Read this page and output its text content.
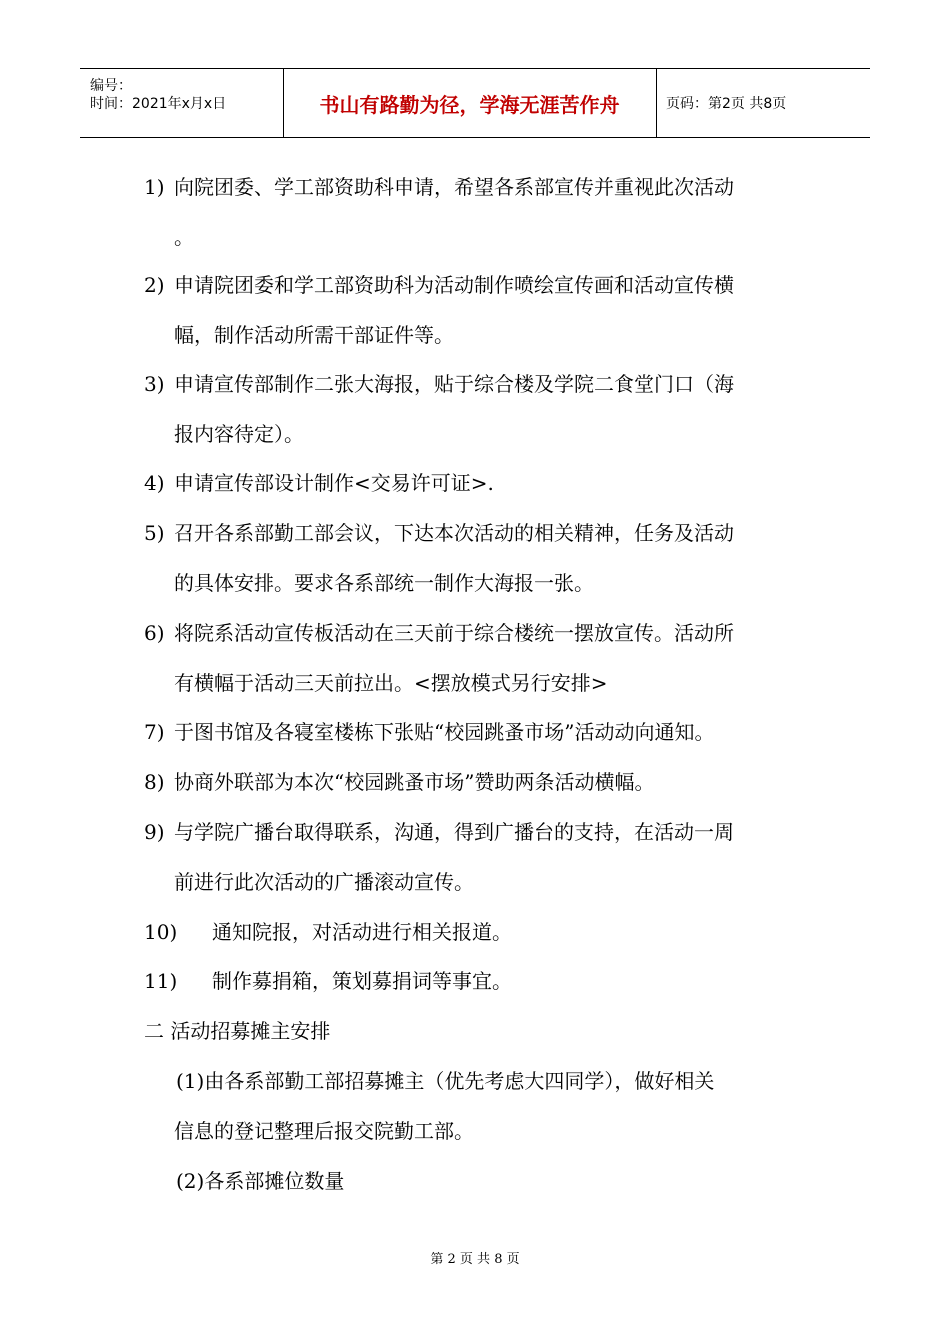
编号：
时间：2021年x月x日	书山有路勤为径，学海无涯苦作舟	页码：第2页 共8页
1) 向院团委、学工部资助科申请，希望各系部宣传并重视此次活动
。
2) 申请院团委和学工部资助科为活动制作喷绘宣传画和活动宣传横
幅，制作活动所需干部证件等。
3) 申请宣传部制作二张大海报，贴于综合楼及学院二食堂门口（海
报内容待定）。
4) 申请宣传部设计制作<交易许可证>.
5) 召开各系部勤工部会议，下达本次活动的相关精神，任务及活动
的具体安排。要求各系部统一制作大海报一张。
6) 将院系活动宣传板活动在三天前于综合楼统一摆放宣传。活动所
有横幅于活动三天前拉出。<摆放模式另行安排>
7) 于图书馆及各寝室楼栋下张贴“校园跳蚤市场”活动动向通知。
8) 协商外联部为本次“校园跳蚤市场”赞助两条活动横幅。
9) 与学院广播台取得联系，沟通，得到广播台的支持，在活动一周
前进行此次活动的广播滚动宣传。
10) 通知院报，对活动进行相关报道。
11) 制作募捐箱，策划募捐词等事宜。
二 活动招募摊主安排
(1)由各系部勤工部招募摊主（优先考虑大四同学），做好相关
信息的登记整理后报交院勤工部。
(2)各系部摊位数量
第 2 页 共 8 页
